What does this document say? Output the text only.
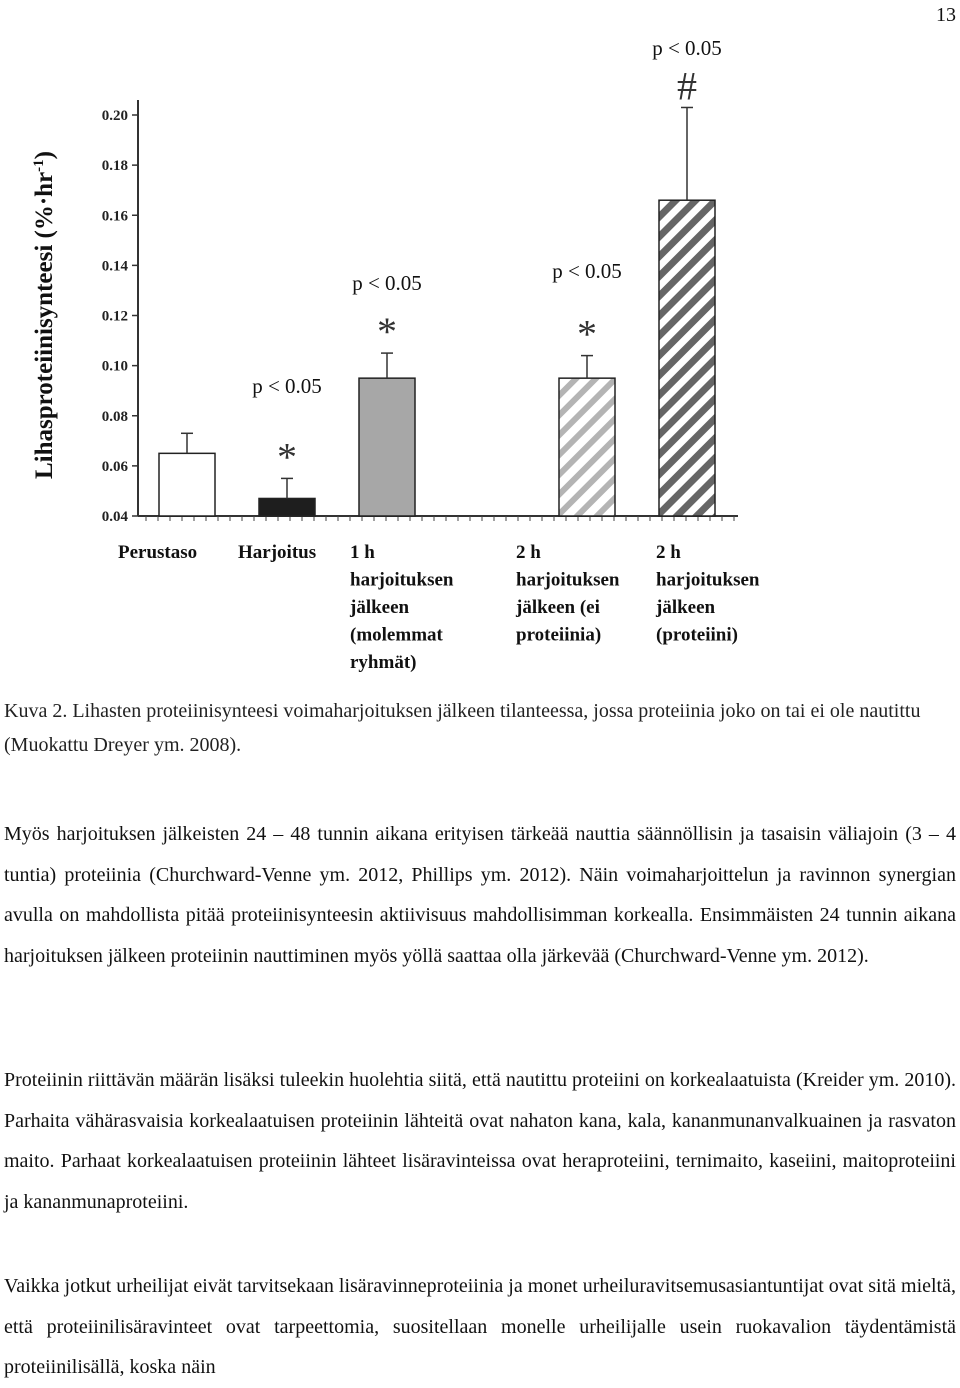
13
Lihasproteiinisynteesi $(\%\cdot hr^{-1})$
0.20
0.18
0.16
0.14
0.12
0.10
0.08
0.06
0.04
*
p < 0.05
*
p < 0.05
*
p < 0.05
#
p < 0.05
Perustaso Harjoitus 1 h harjoituksen jälkeen (molemmat ryhmät)
2 h harjoituksen jälkeen (ei proteiinia)
2 h harjoituksen jälkeen (proteiini)

Kuva 2. Lihasten proteiinisynteesi voimaharjoituksen jälkeen tilanteessa, jossa proteiinia joko on tai ei ole nautittu (Muokattu Dreyer ym. 2008).

Myös harjoituksen jälkeisten 24 – 48 tunnin aikana erityisen tärkeää nauttia säännöllisin ja tasaisin väliajoin (3 – 4 tuntia) proteiinia (Churchward-Venne ym. 2012, Phillips ym. 2012). Näin voimaharjoittelun ja ravinnon synergian avulla on mahdollista pitää proteiinisynteesin aktiivisuus mahdollisimman korkealla. Ensimmäisten 24 tunnin aikana harjoituksen jälkeen proteiinin nauttiminen myös yöllä saattaa olla järkevää (Churchward-Venne ym. 2012).

Proteiinin riittävän määrän lisäksi tuleekin huolehtia siitä, että nautittu proteiini on korkealaatuista (Kreider ym. 2010). Parhaita vähärasvaisia korkealaatuisen proteiinin lähteitä ovat nahaton kana, kala, kananmunanvalkuainen ja rasvaton maito. Parhaat korkealaatuisen proteiinin lähteet lisäravinteissa ovat heraproteiini, ternimaito, kaseiini, maitoproteiini ja kananmunaproteiini.

Vaikka jotkut urheilijat eivät tarvitsekaan lisäravinneproteiinia ja monet urheiluravitsemusasiantuntijat ovat sitä mieltä, että proteiinilisäravinteet ovat tarpeettomia, suositellaan monelle urheilijalle usein ruokavalion täydentämistä proteiinilisällä, koska näin
